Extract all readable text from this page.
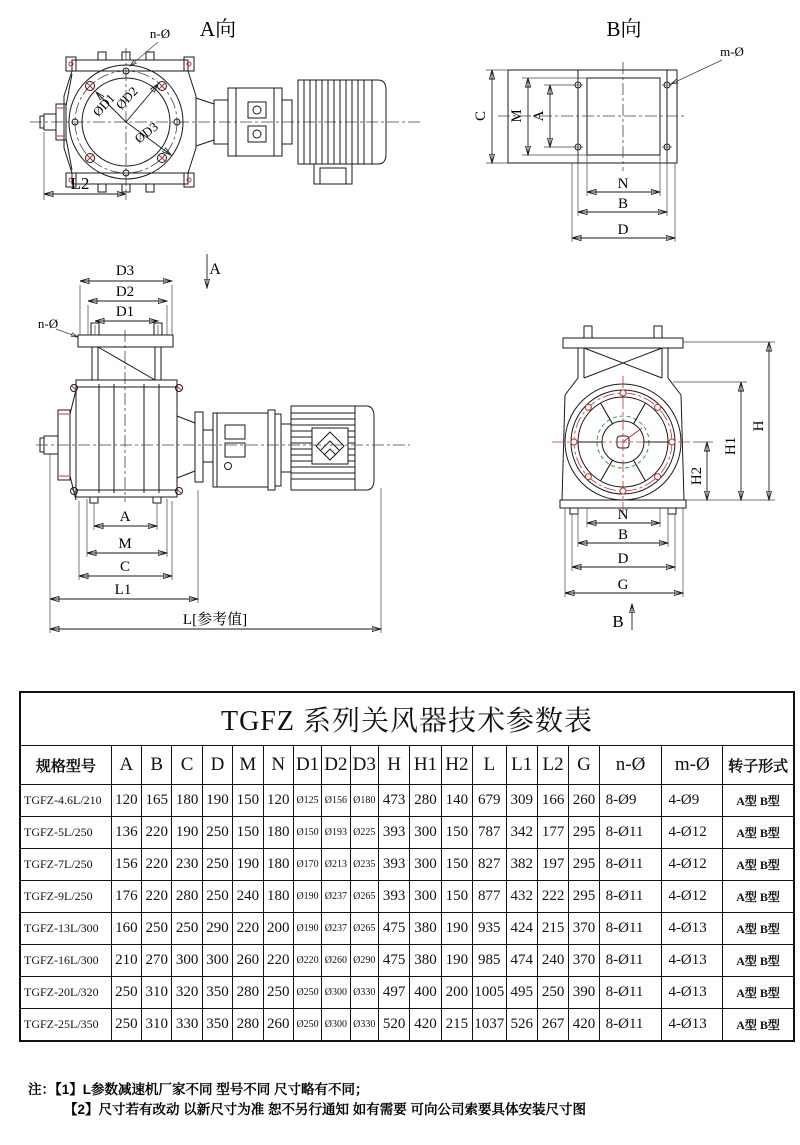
A向
n-Ø
ØD1
ØD2
ØD3
L2
B向
m-Ø
C M A
N
B
D
A
D3
D2
D1
n-Ø
A
M
C
L1
L[参考值]
H
H1
H2
N
B
D
G
B
TGFZ 系列关风器技术参数表																			
规格型号	A	B	C	D	M	N	D1	D2	D3	H	H1	H2	L	L1	L2	G	n-Ø	m-Ø	转子形式
TGFZ-4.6L/210	120	165	180	190	150	120	Ø125	Ø156	Ø180	473	280	140	679	309	166	260	8-Ø9	4-Ø9	A型 B型
TGFZ-5L/250	136	220	190	250	150	180	Ø150	Ø193	Ø225	393	300	150	787	342	177	295	8-Ø11	4-Ø12	A型 B型
TGFZ-7L/250	156	220	230	250	190	180	Ø170	Ø213	Ø235	393	300	150	827	382	197	295	8-Ø11	4-Ø12	A型 B型
TGFZ-9L/250	176	220	280	250	240	180	Ø190	Ø237	Ø265	393	300	150	877	432	222	295	8-Ø11	4-Ø12	A型 B型
TGFZ-13L/300	160	250	250	290	220	200	Ø190	Ø237	Ø265	475	380	190	935	424	215	370	8-Ø11	4-Ø13	A型 B型
TGFZ-16L/300	210	270	300	300	260	220	Ø220	Ø260	Ø290	475	380	190	985	474	240	370	8-Ø11	4-Ø13	A型 B型
TGFZ-20L/320	250	310	320	350	280	250	Ø250	Ø300	Ø330	497	400	200	1005	495	250	390	8-Ø11	4-Ø13	A型 B型
TGFZ-25L/350	250	310	330	350	280	260	Ø250	Ø300	Ø330	520	420	215	1037	526	267	420	8-Ø11	4-Ø13	A型 B型
注：【1】L参数减速机厂家不同 型号不同 尺寸略有不同；
【2】尺寸若有改动 以新尺寸为准 恕不另行通知 如有需要 可向公司索要具体安装尺寸图
